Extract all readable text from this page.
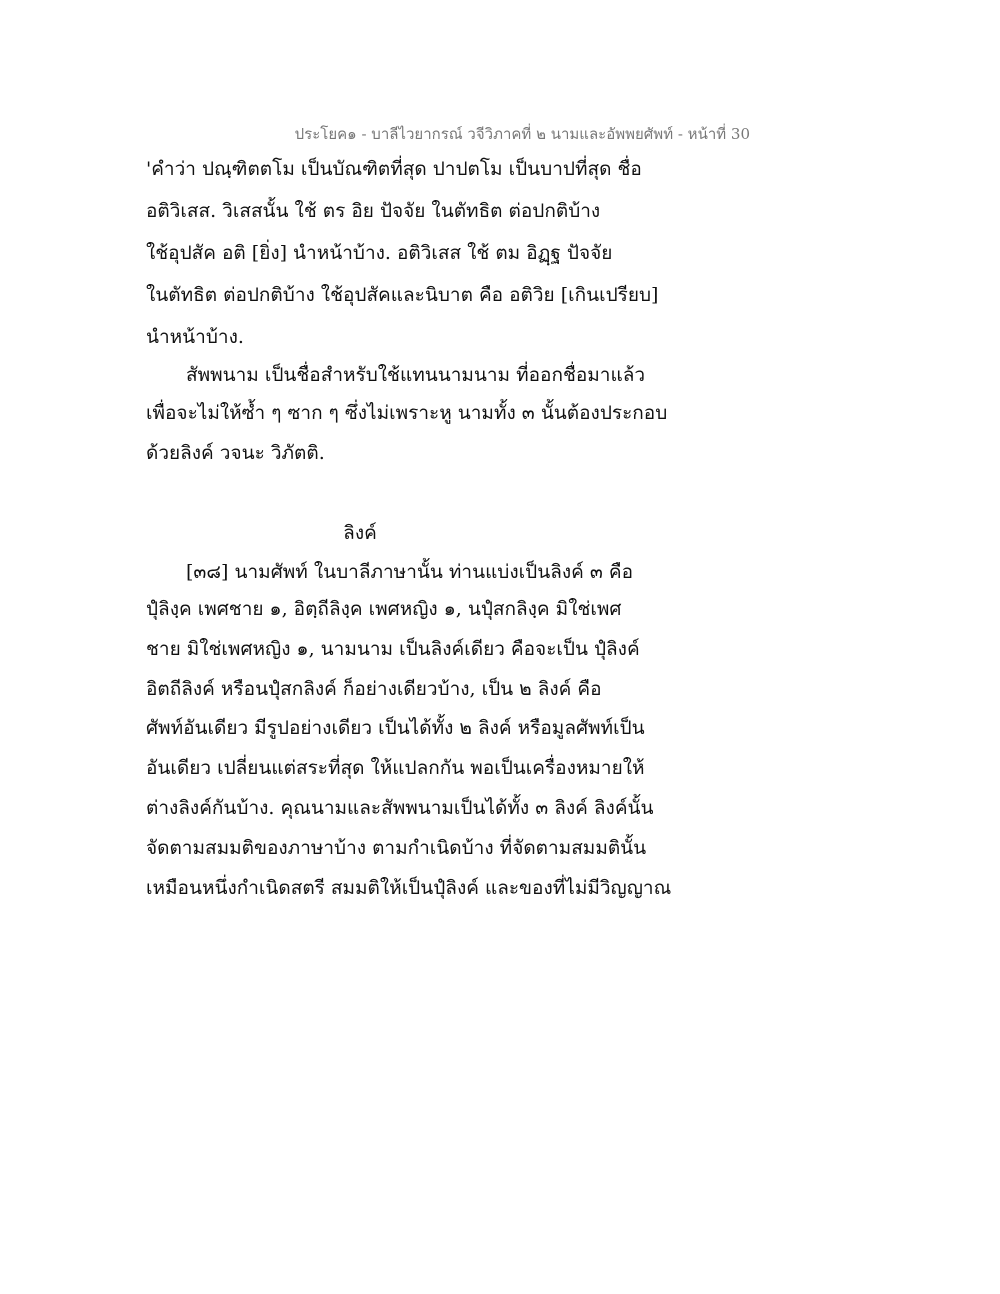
ประโยค๑ - บาลีไวยากรณ์ วจีวิภาคที่ ๒ นามและอัพพยศัพท์ - หน้าที่ 30
'คำว่า ปณฺฑิตตโม เป็นบัณฑิตที่สุด ปาปตโม เป็นบาปที่สุด ชื่อ
อติวิเสส. วิเสสนั้น ใช้ ตร อิย ปัจจัย ในตัทธิต ต่อปกติบ้าง
ใช้อุปสัค อติ [ยิ่ง] นำหน้าบ้าง. อติวิเสส ใช้ ตม อิฏฺฐ ปัจจัย
ในตัทธิต ต่อปกติบ้าง ใช้อุปสัคและนิบาต คือ อติวิย [เกินเปรียบ]
นำหน้าบ้าง.
สัพพนาม เป็นชื่อสำหรับใช้แทนนามนาม ที่ออกชื่อมาแล้ว
เพื่อจะไม่ให้ซ้ำ ๆ ซาก ๆ ซึ่งไม่เพราะหู นามทั้ง ๓ นั้นต้องประกอบ
ด้วยลิงค์ วจนะ วิภัตติ.
ลิงค์
[๓๘] นามศัพท์ ในบาลีภาษานั้น ท่านแบ่งเป็นลิงค์ ๓ คือ
ปุํลิงฺค เพศชาย ๑, อิตฺถีลิงฺค เพศหญิง ๑, นปุํสกลิงฺค มิใช่เพศ
ชาย มิใช่เพศหญิง ๑, นามนาม เป็นลิงค์เดียว คือจะเป็น ปุํลิงค์
อิตถีลิงค์ หรือนปุํสกลิงค์ ก็อย่างเดียวบ้าง, เป็น ๒ ลิงค์ คือ
ศัพท์อันเดียว มีรูปอย่างเดียว เป็นได้ทั้ง ๒ ลิงค์ หรือมูลศัพท์เป็น
อันเดียว เปลี่ยนแต่สระที่สุด ให้แปลกกัน พอเป็นเครื่องหมายให้
ต่างลิงค์กันบ้าง. คุณนามและสัพพนามเป็นได้ทั้ง ๓ ลิงค์ ลิงค์นั้น
จัดตามสมมติของภาษาบ้าง ตามกำเนิดบ้าง ที่จัดตามสมมตินั้น
เหมือนหนึ่งกำเนิดสตรี สมมติให้เป็นปุํลิงค์ และของที่ไม่มีวิญญาณ
